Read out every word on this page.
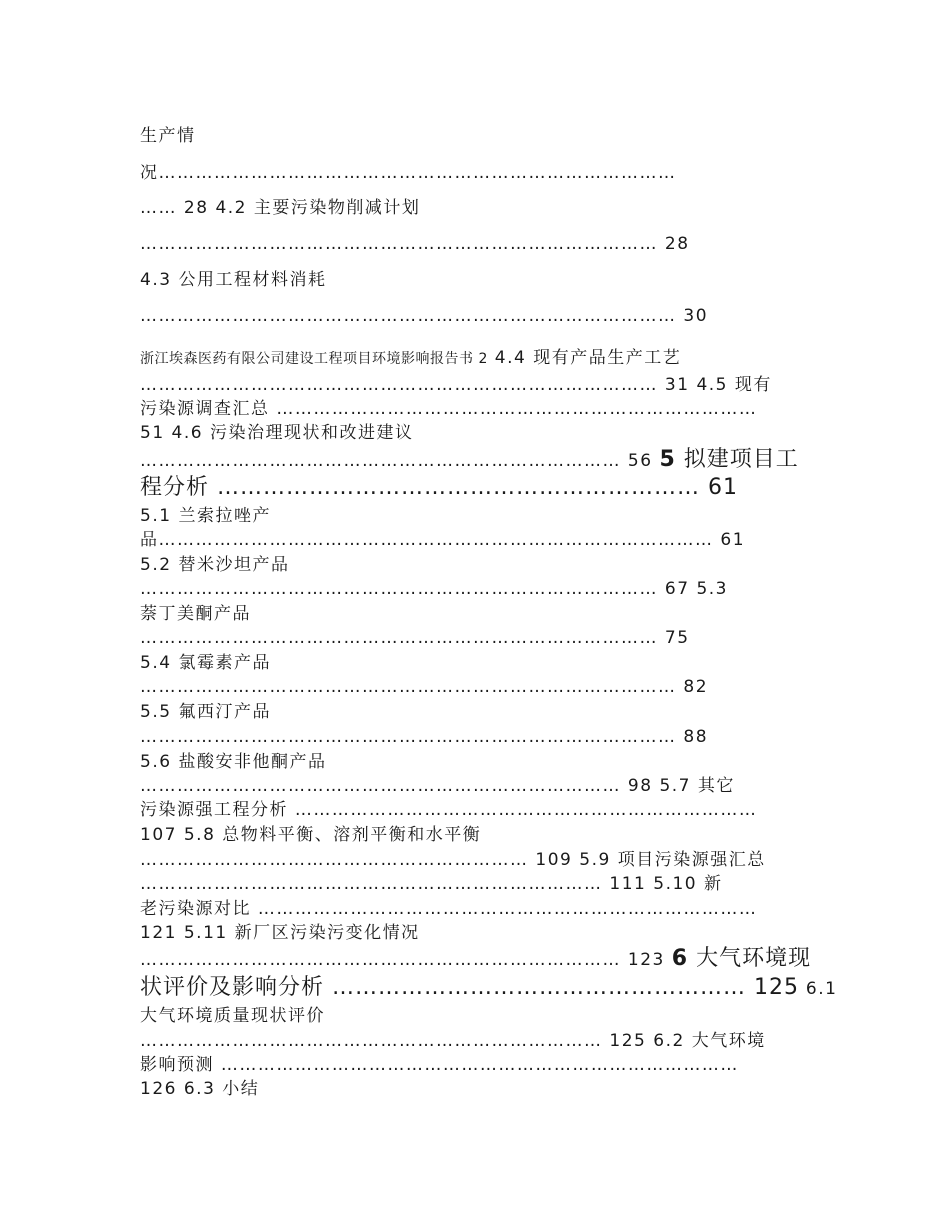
生产情
况…………………………………………………………………………
…… 28 4.2 主要污染物削减计划
………………………………………………………………………… 28
4.3 公用工程材料消耗
…………………………………………………………………………… 30
浙江埃森医药有限公司建设工程项目环境影响报告书 2 4.4 现有产品生产工艺
………………………………………………………………………… 31 4.5 现有
污染源调查汇总 ……………………………………………………………………
51 4.6 污染治理现状和改进建议
…………………………………………………………………… 56 5 拟建项目工
程分析 ……………………………………………………… 61
5.1 兰索拉唑产
品……………………………………………………………………………… 61
5.2 替米沙坦产品
………………………………………………………………………… 67 5.3
萘丁美酮产品
………………………………………………………………………… 75
5.4 氯霉素产品
…………………………………………………………………………… 82
5.5 氟西汀产品
…………………………………………………………………………… 88
5.6 盐酸安非他酮产品
…………………………………………………………………… 98 5.7 其它
污染源强工程分析 …………………………………………………………………
107 5.8 总物料平衡、溶剂平衡和水平衡
……………………………………………………… 109 5.9 项目污染源强汇总
………………………………………………………………… 111 5.10 新
老污染源对比 ………………………………………………………………………
121 5.11 新厂区污染污变化情况
…………………………………………………………………… 123 6 大气环境现
状评价及影响分析 ……………………………………………… 125 6.1
大气环境质量现状评价
………………………………………………………………… 125 6.2 大气环境
影响预测 …………………………………………………………………………
126 6.3 小结
